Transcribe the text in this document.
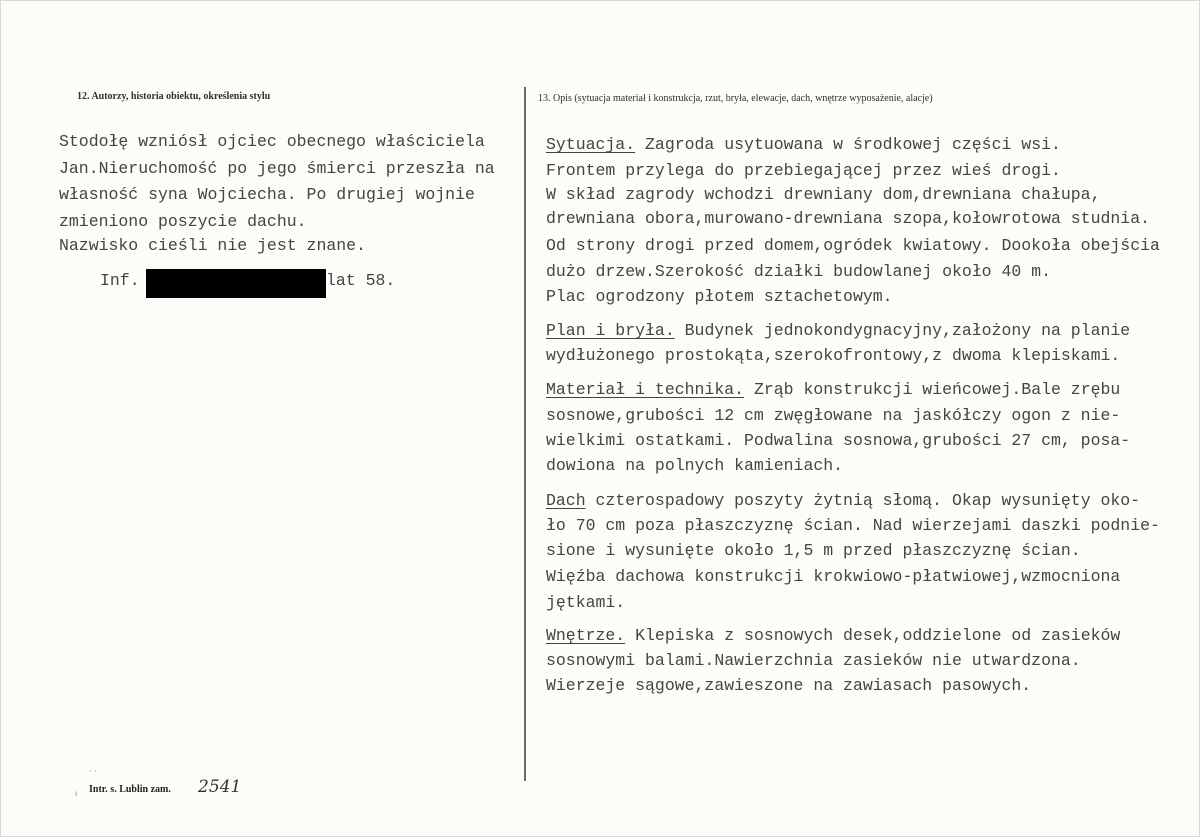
12. Autorzy, historia obiektu, określenia stylu	13. Opis (sytuacja materiał i konstrukcja, rzut, bryła, elewacje, dach, wnętrze wyposażenie, alacje)
Stodołę wzniósł ojciec obecnego właściciela
Jan.Nieruchomość po jego śmierci przeszła na
własność syna Wojciecha. Po drugiej wojnie
zmieniono poszycie dachu.
Nazwisko cieśli nie jest znane.
Inf.	lat 58.
Sytuacja. Zagroda usytuowana w środkowej części wsi.
Frontem przylega do przebiegającej przez wieś drogi.
W skład zagrody wchodzi drewniany dom,drewniana chałupa,
drewniana obora,murowano-drewniana szopa,kołowrotowa studnia.
Od strony drogi przed domem,ogródek kwiatowy. Dookoła obejścia
dużo drzew.Szerokość działki budowlanej około 40 m.
Plac ogrodzony płotem sztachetowym.
Plan i bryła. Budynek jednokondygnacyjny,założony na planie
wydłużonego prostokąta,szerokofrontowy,z dwoma klepiskami.
Materiał i technika. Zrąb konstrukcji wieńcowej.Bale zrębu
sosnowe,grubości 12 cm zwęgłowane na jaskółczy ogon z nie-
wielkimi ostatkami. Podwalina sosnowa,grubości 27 cm, posa-
dowiona na polnych kamieniach.
Dach czterospadowy poszyty żytnią słomą. Okap wysunięty oko-
ło 70 cm poza płaszczyznę ścian. Nad wierzejami daszki podnie-
sione i wysunięte około 1,5 m przed płaszczyznę ścian.
Więźba dachowa konstrukcji krokwiowo-płatwiowej,wzmocniona
jętkami.
Wnętrze. Klepiska z sosnowych desek,oddzielone od zasieków
sosnowymi balami.Nawierzchnia zasieków nie utwardzona.
Wierzeje sągowe,zawieszone na zawiasach pasowych.
· ·
ı Intr. s. Lublin zam. 2541
